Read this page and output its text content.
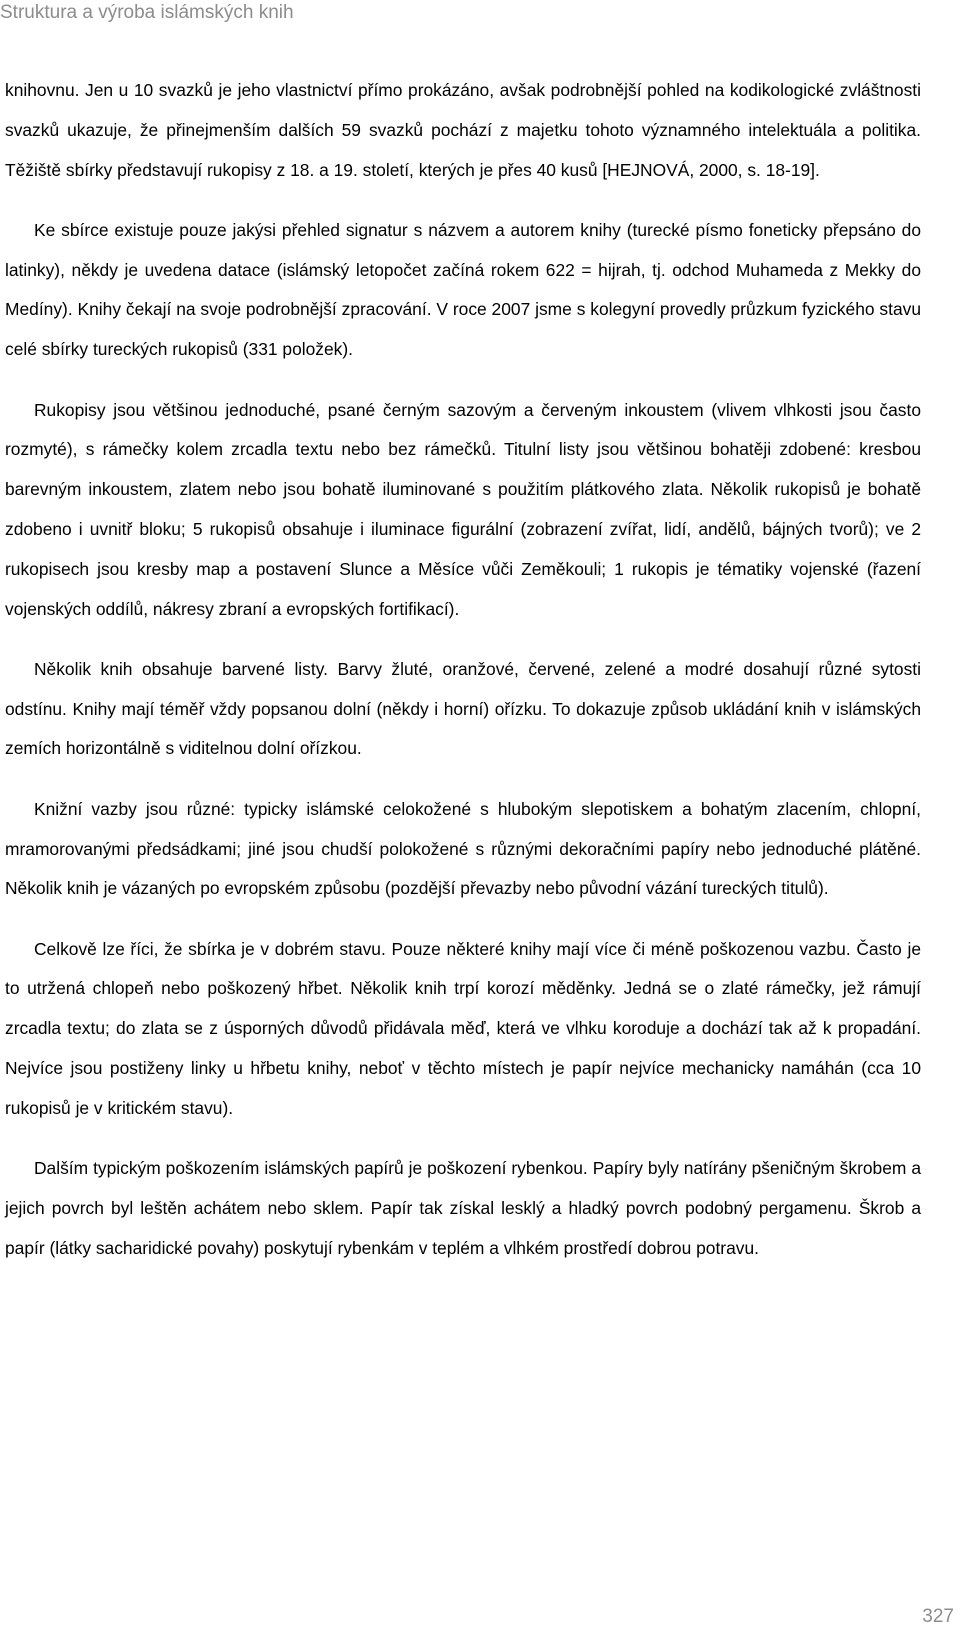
Struktura a výroba islámských knih

knihovnu. Jen u 10 svazků je jeho vlastnictví přímo prokázáno, avšak podrobnější pohled na kodikologické zvláštnosti svazků ukazuje, že přinejmenším dalších 59 svazků pochází z majetku tohoto významného intelektuála a politika. Těžiště sbírky představují rukopisy z 18. a 19. století, kterých je přes 40 kusů [HEJNOVÁ, 2000, s. 18-19].

Ke sbírce existuje pouze jakýsi přehled signatur s názvem a autorem knihy (turecké písmo foneticky přepsáno do latinky), někdy je uvedena datace (islámský letopočet začíná rokem 622 = hijrah, tj. odchod Muhameda z Mekky do Medíny). Knihy čekají na svoje podrobnější zpracování. V roce 2007 jsme s kolegyní provedly průzkum fyzického stavu celé sbírky tureckých rukopisů (331 položek).

Rukopisy jsou většinou jednoduché, psané černým sazovým a červeným inkoustem (vlivem vlhkosti jsou často rozmyté), s rámečky kolem zrcadla textu nebo bez rámečků. Titulní listy jsou většinou bohatěji zdobené: kresbou barevným inkoustem, zlatem nebo jsou bohatě iluminované s použitím plátkového zlata. Několik rukopisů je bohatě zdobeno i uvnitř bloku; 5 rukopisů obsahuje i iluminace figurální (zobrazení zvířat, lidí, andělů, bájných tvorů); ve 2 rukopisech jsou kresby map a postavení Slunce a Měsíce vůči Zeměkouli; 1 rukopis je tématiky vojenské (řazení vojenských oddílů, nákresy zbraní a evropských fortifikací).

Několik knih obsahuje barvené listy. Barvy žluté, oranžové, červené, zelené a modré dosahují různé sytosti odstínu. Knihy mají téměř vždy popsanou dolní (někdy i horní) ořízku. To dokazuje způsob ukládání knih v islámských zemích horizontálně s viditelnou dolní ořízkou.

Knižní vazby jsou různé: typicky islámské celokožené s hlubokým slepotiskem a bohatým zlacením, chlopní, mramorovanými předsádkami; jiné jsou chudší polokožené s různými dekoračními papíry nebo jednoduché plátěné. Několik knih je vázaných po evropském způsobu (pozdější převazby nebo původní vázání tureckých titulů).

Celkově lze říci, že sbírka je v dobrém stavu. Pouze některé knihy mají více či méně poškozenou vazbu. Často je to utržená chlopeň nebo poškozený hřbet. Několik knih trpí korozí měděnky. Jedná se o zlaté rámečky, jež rámují zrcadla textu; do zlata se z úsporných důvodů přidávala měď, která ve vlhku koroduje a dochází tak až k propadání. Nejvíce jsou postiženy linky u hřbetu knihy, neboť v těchto místech je papír nejvíce mechanicky namáhán (cca 10 rukopisů je v kritickém stavu).

Dalším typickým poškozením islámských papírů je poškození rybenkou. Papíry byly natírány pšeničným škrobem a jejich povrch byl leštěn achátem nebo sklem. Papír tak získal lesklý a hladký povrch podobný pergamenu. Škrob a papír (látky sacharidické povahy) poskytují rybenkám v teplém a vlhkém prostředí dobrou potravu.

327
